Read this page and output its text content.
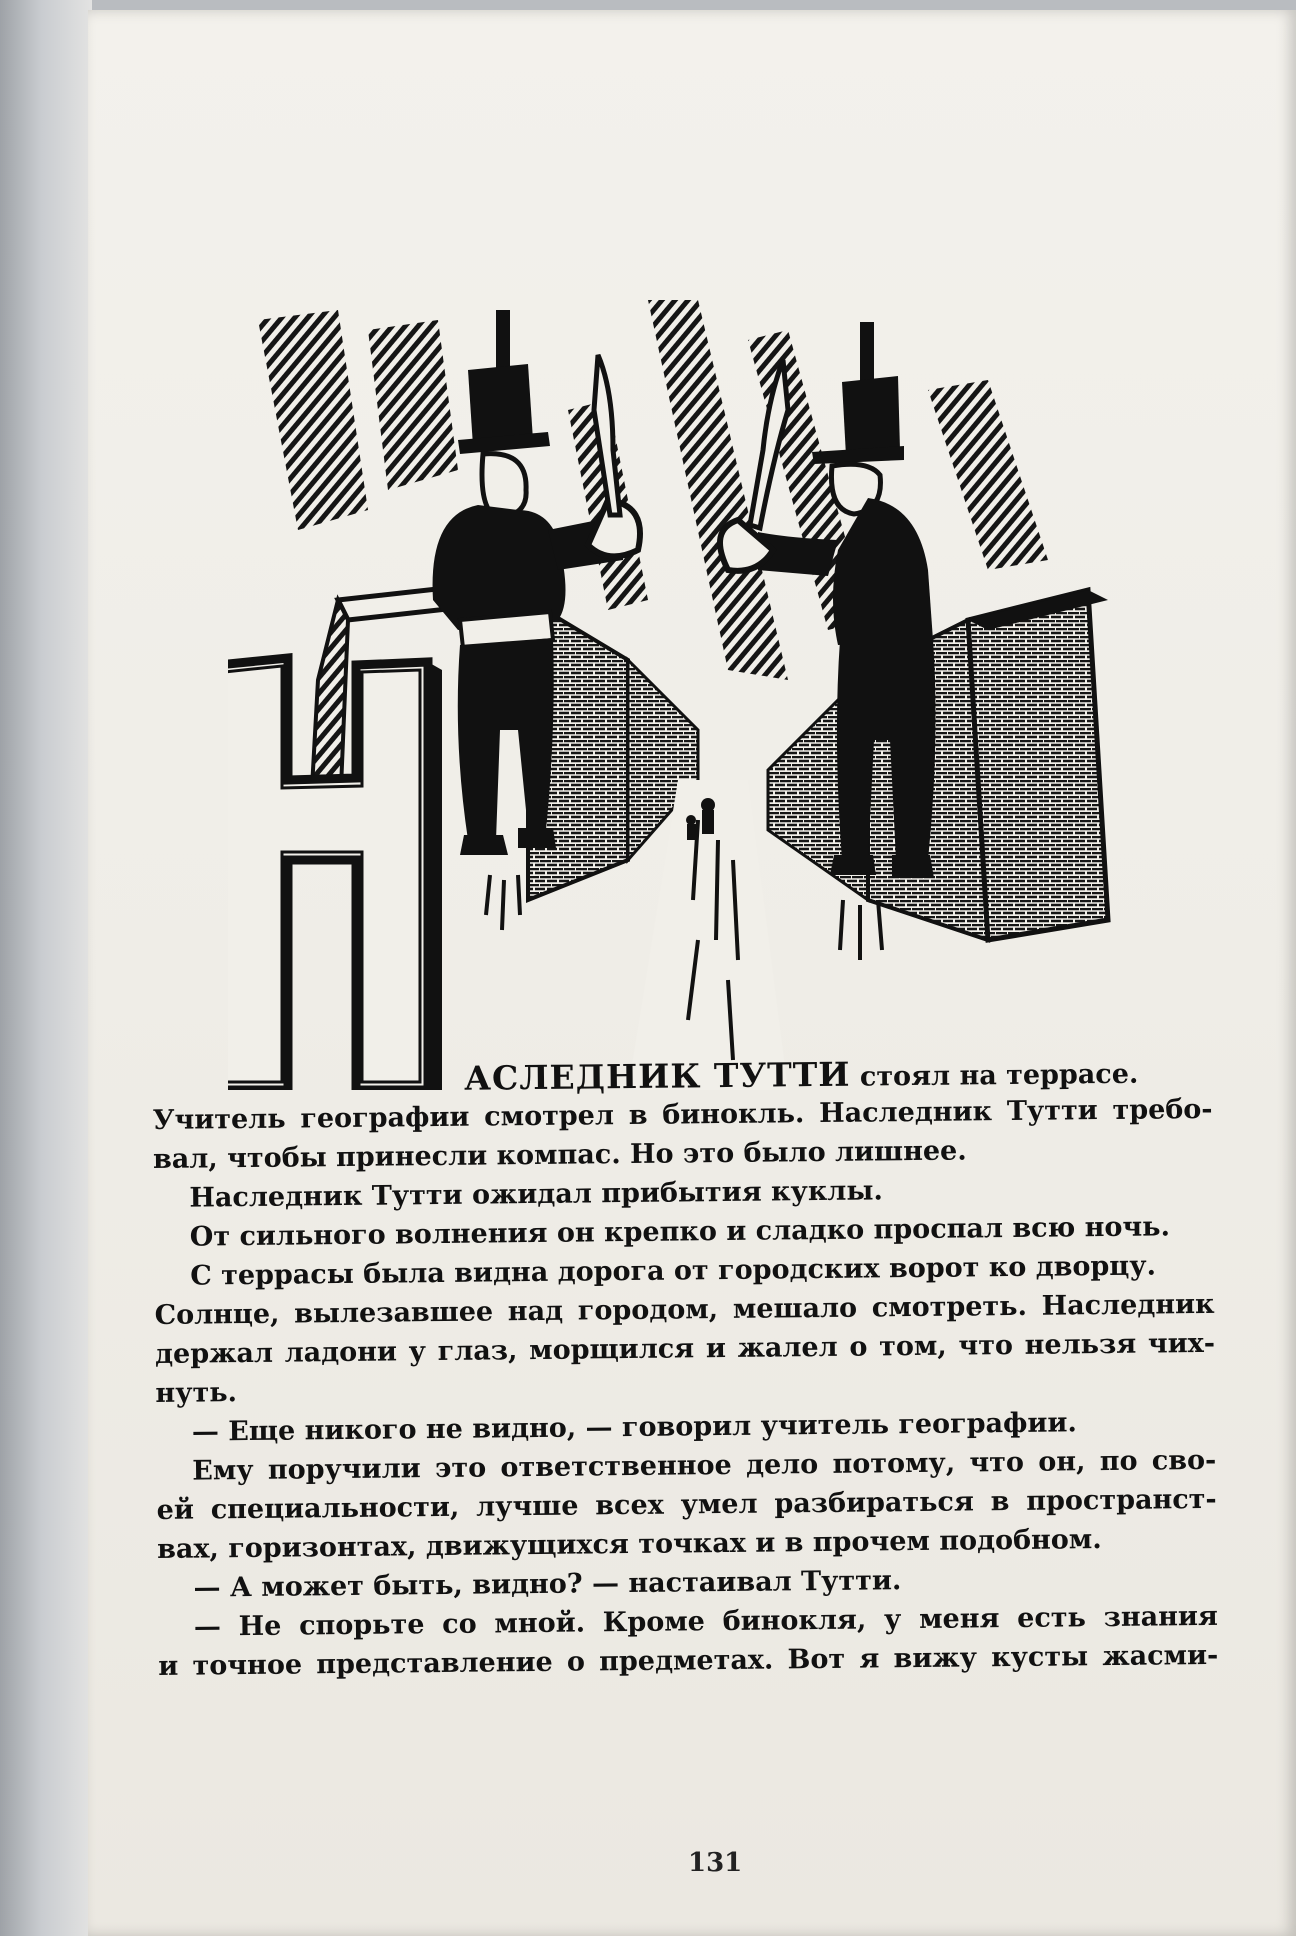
АСЛЕДНИК ТУТТИ стоял на террасе.
Учитель географии смотрел в бинокль. Наследник Тутти требо-
вал, чтобы принесли компас. Но это было лишнее.
Наследник Тутти ожидал прибытия куклы.
От сильного волнения он крепко и сладко проспал всю ночь.
С террасы была видна дорога от городских ворот ко дворцу.
Солнце, вылезавшее над городом, мешало смотреть. Наследник
держал ладони у глаз, морщился и жалел о том, что нельзя чих-
нуть.
— Еще никого не видно, — говорил учитель географии.
Ему поручили это ответственное дело потому, что он, по сво-
ей специальности, лучше всех умел разбираться в пространст-
вах, горизонтах, движущихся точках и в прочем подобном.
— А может быть, видно? — настаивал Тутти.
— Не спорьте со мной. Кроме бинокля, у меня есть знания
и точное представление о предметах. Вот я вижу кусты жасми-
131
